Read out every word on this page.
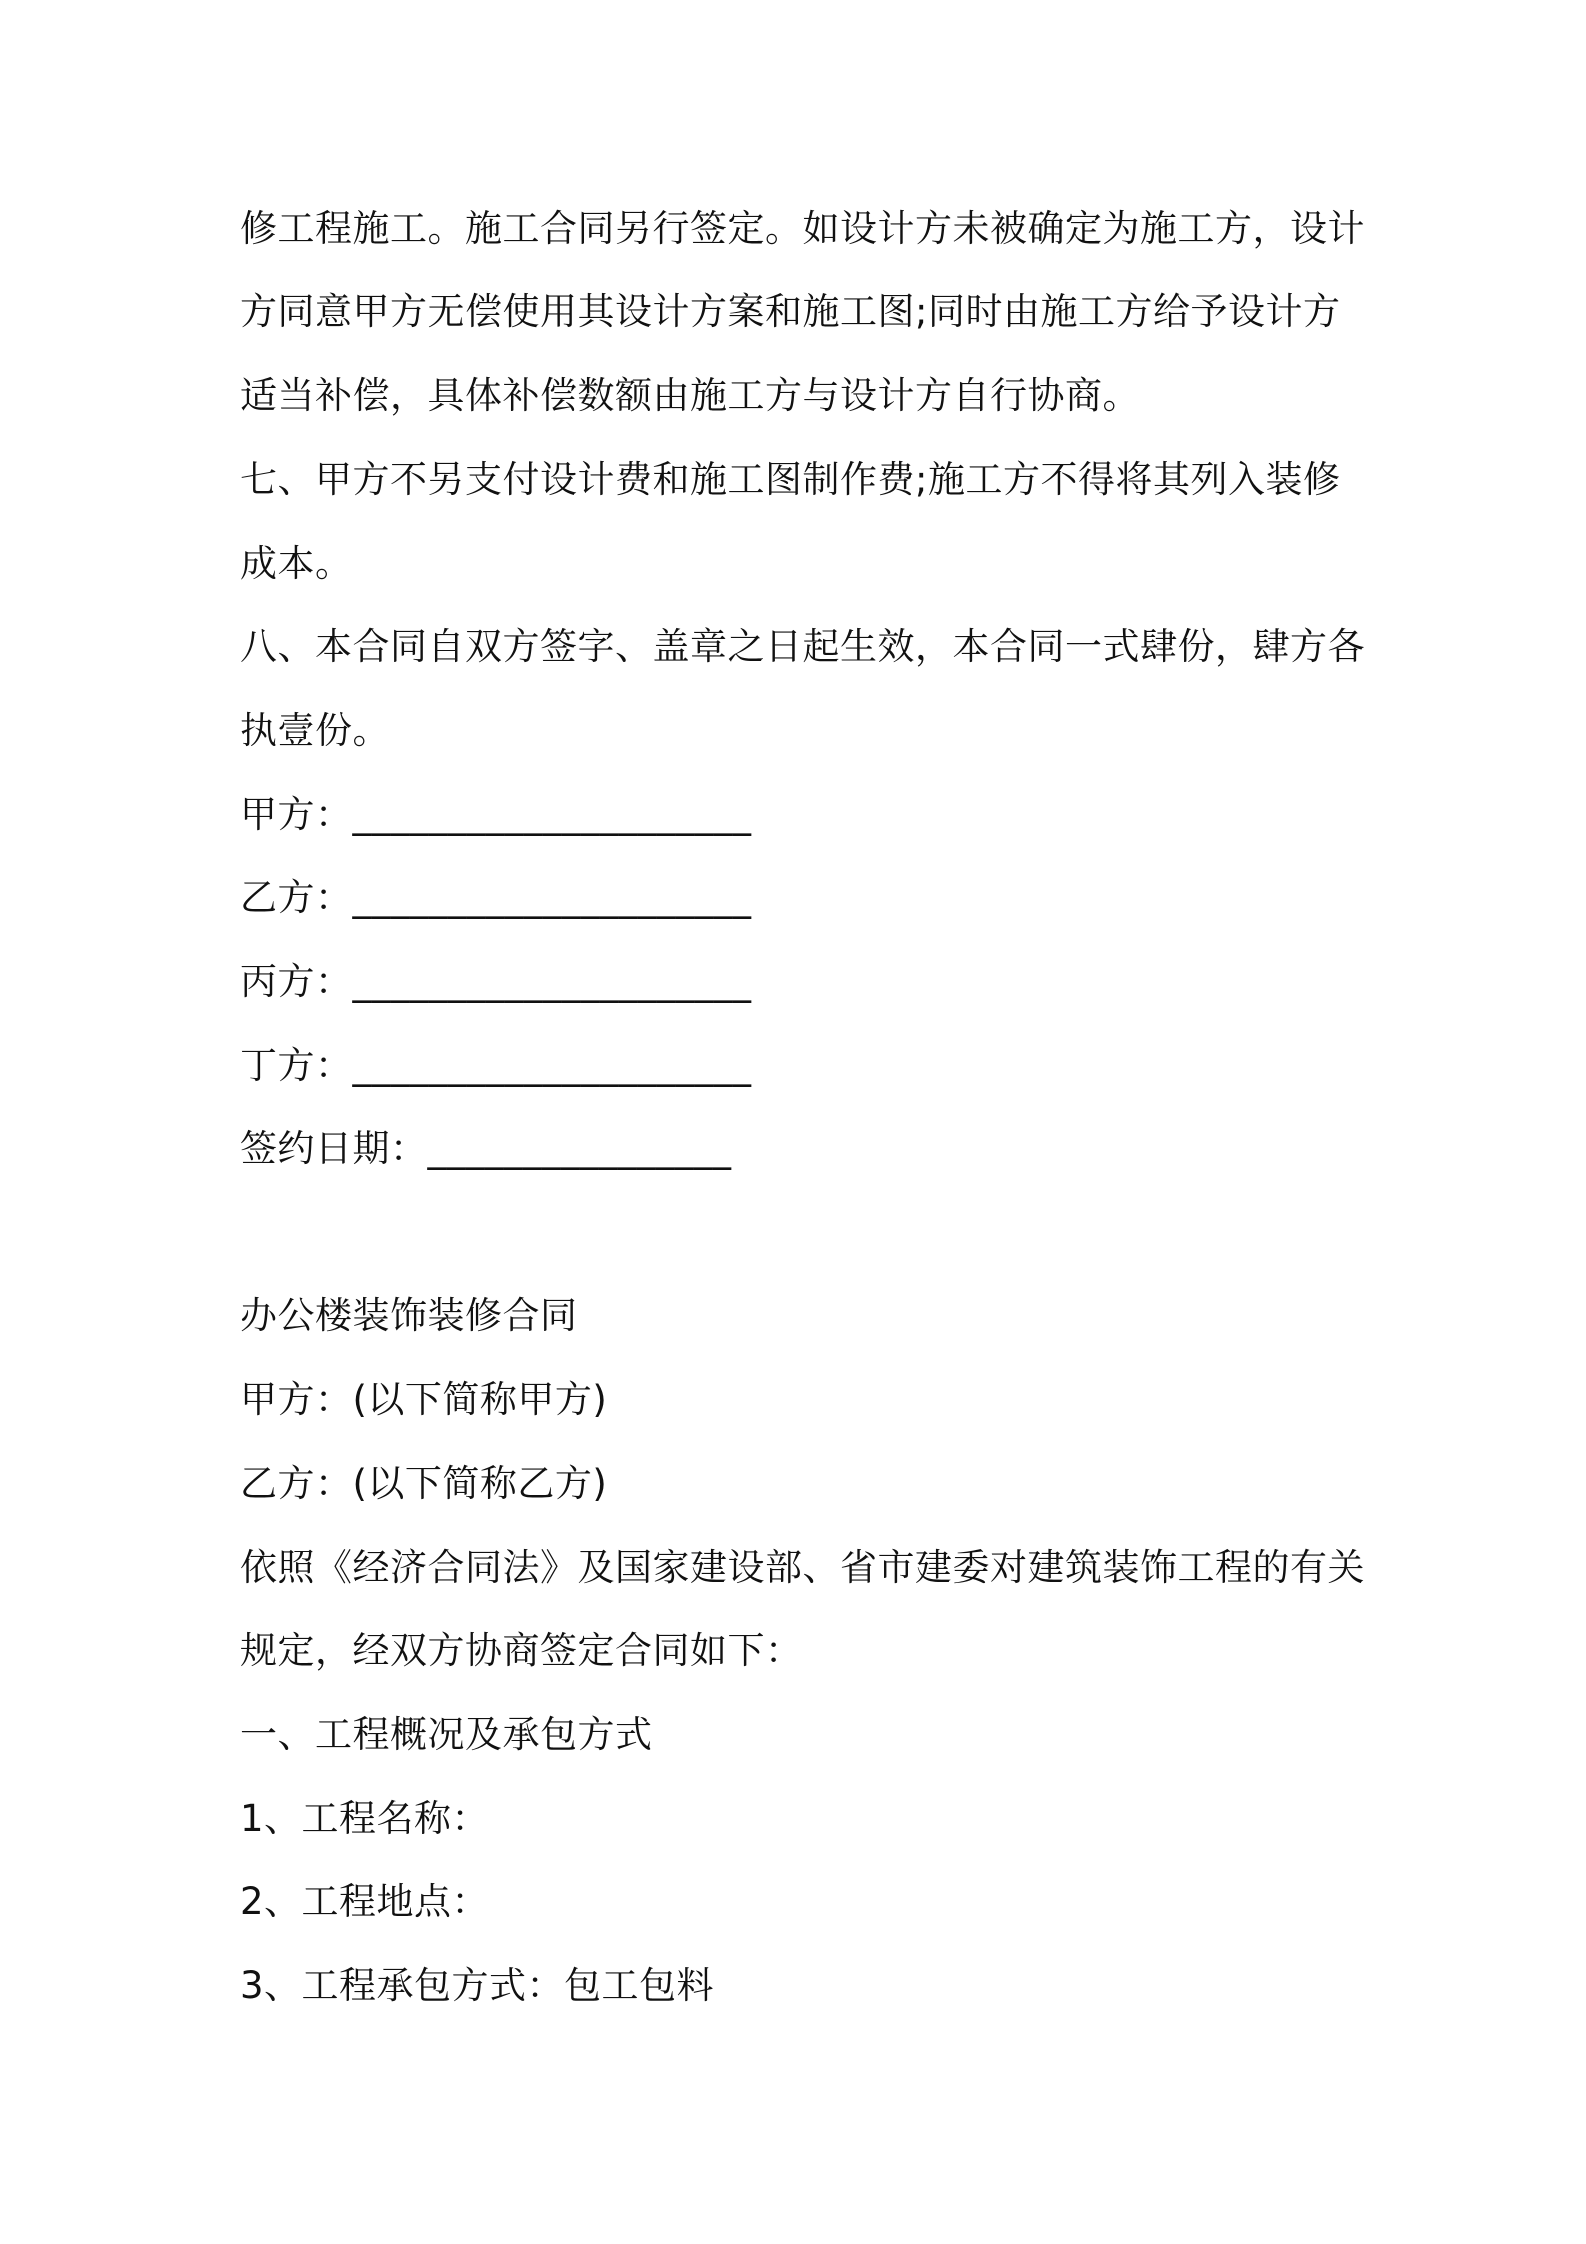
修工程施工。施工合同另行签定。如设计方未被确定为施工方，设计
方同意甲方无偿使用其设计方案和施工图;同时由施工方给予设计方
适当补偿，具体补偿数额由施工方与设计方自行协商。
七、甲方不另支付设计费和施工图制作费;施工方不得将其列入装修
成本。
八、本合同自双方签字、盖章之日起生效，本合同一式肆份，肆方各
执壹份。
甲方：_____________________
乙方：_____________________
丙方：_____________________
丁方：_____________________
签约日期：________________
办公楼装饰装修合同
甲方：(以下简称甲方)
乙方：(以下简称乙方)
依照《经济合同法》及国家建设部、省市建委对建筑装饰工程的有关
规定，经双方协商签定合同如下：
一、工程概况及承包方式
1、工程名称：
2、工程地点：
3、工程承包方式：包工包料
